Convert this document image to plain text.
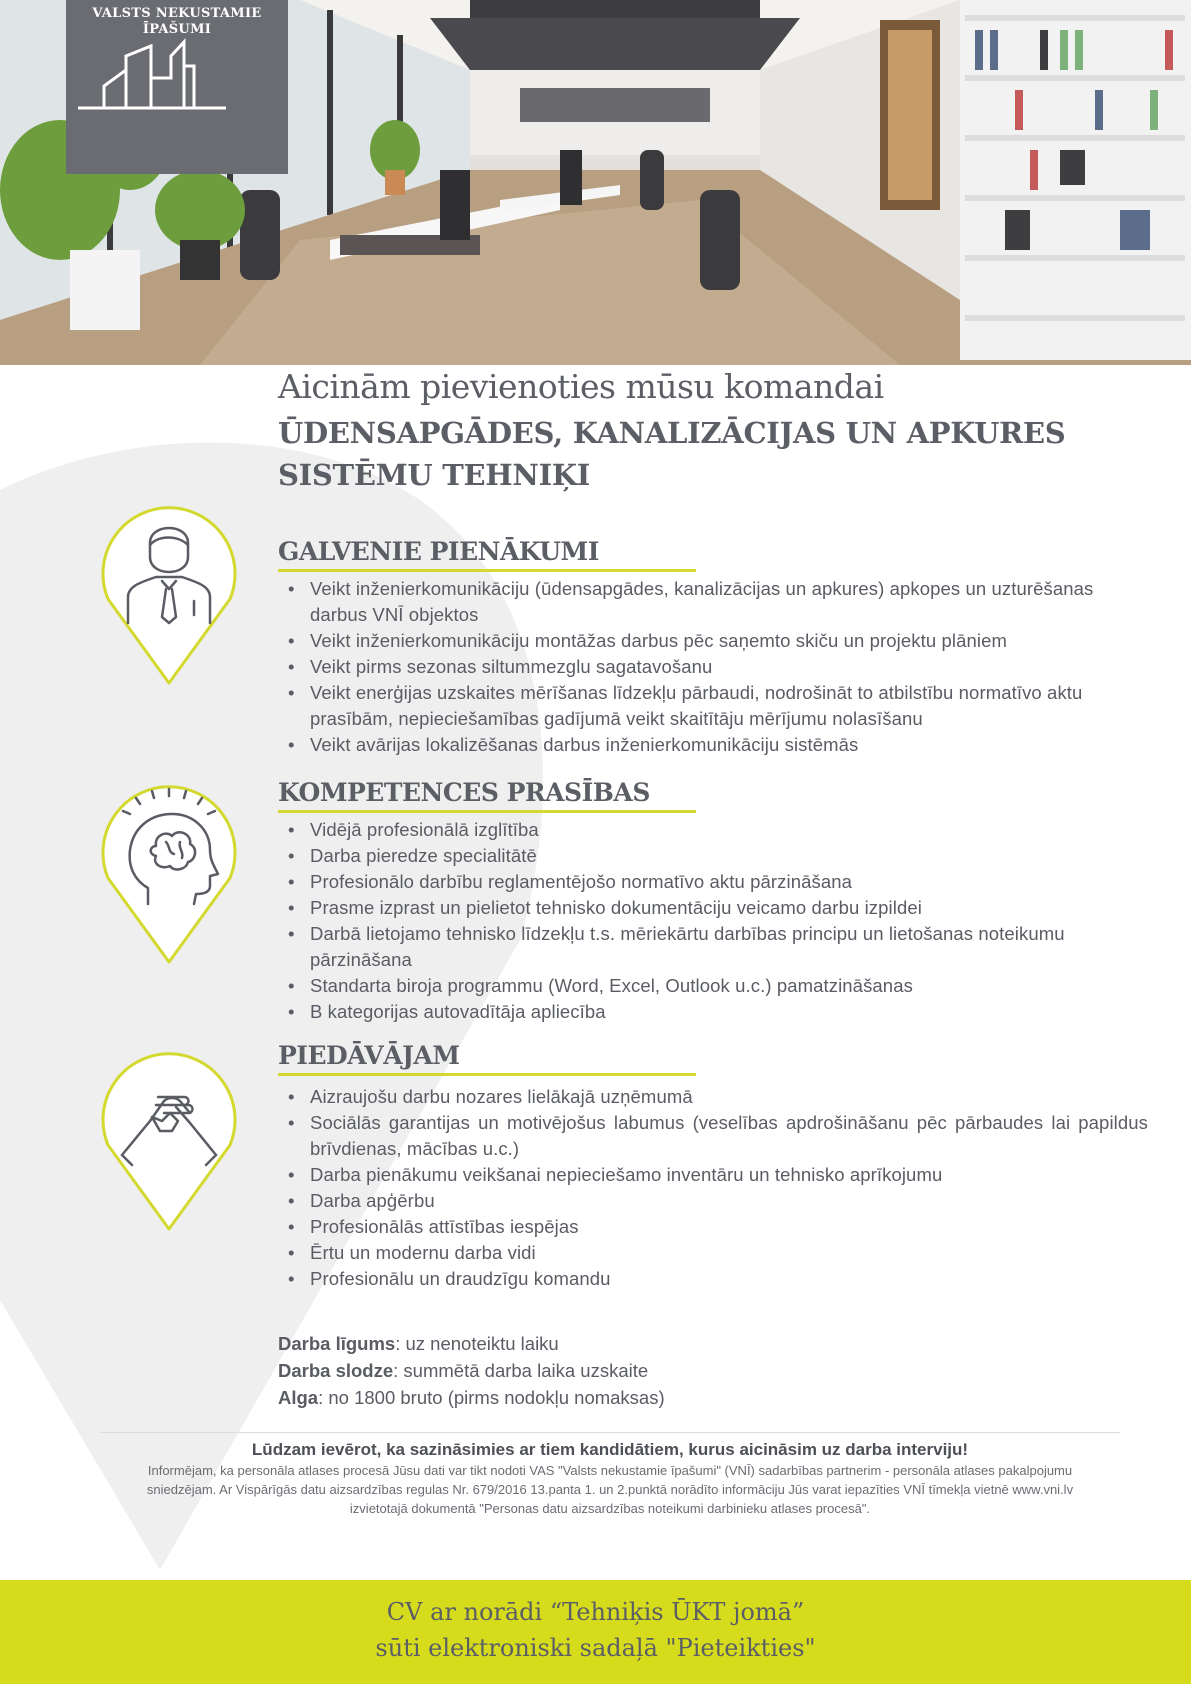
VALSTS NEKUSTAMIE
ĪPAŠUMI
Aicinām pievienoties mūsu komandai
ŪDENSAPGĀDES, KANALIZĀCIJAS UN APKURES
SISTĒMU TEHNIĶI
GALVENIE PIENĀKUMI
• Veikt inženierkomunikāciju (ūdensapgādes, kanalizācijas un apkures) apkopes un uzturēšanas darbus VNĪ objektos
• Veikt inženierkomunikāciju montāžas darbus pēc saņemto skiču un projektu plāniem
• Veikt pirms sezonas siltummezglu sagatavošanu
• Veikt enerģijas uzskaites mērīšanas līdzekļu pārbaudi, nodrošināt to atbilstību normatīvo aktu prasībām, nepieciešamības gadījumā veikt skaitītāju mērījumu nolasīšanu
• Veikt avārijas lokalizēšanas darbus inženierkomunikāciju sistēmās
KOMPETENCES PRASĪBAS
• Vidējā profesionālā izglītība
• Darba pieredze specialitātē
• Profesionālo darbību reglamentējošo normatīvo aktu pārzināšana
• Prasme izprast un pielietot tehnisko dokumentāciju veicamo darbu izpildei
• Darbā lietojamo tehnisko līdzekļu t.s. mēriekārtu darbības principu un lietošanas noteikumu pārzināšana
• Standarta biroja programmu (Word, Excel, Outlook u.c.) pamatzināšanas
• B kategorijas autovadītāja apliecība
PIEDĀVĀJAM
• Aizraujošu darbu nozares lielākajā uzņēmumā
• Sociālās garantijas un motivējošus labumus (veselības apdrošināšanu pēc pārbaudes lai papildus brīvdienas, mācības u.c.)
• Darba pienākumu veikšanai nepieciešamo inventāru un tehnisko aprīkojumu
• Darba apģērbu
• Profesionālās attīstības iespējas
• Ērtu un modernu darba vidi
• Profesionālu un draudzīgu komandu
Darba līgums: uz nenoteiktu laiku
Darba slodze: summētā darba laika uzskaite
Alga: no 1800 bruto (pirms nodokļu nomaksas)
Lūdzam ievērot, ka sazināsimies ar tiem kandidātiem, kurus aicināsim uz darba interviju!
Informējam, ka personāla atlases procesā Jūsu dati var tikt nodoti VAS "Valsts nekustamie īpašumi" (VNĪ) sadarbības partnerim - personāla atlases pakalpojumu sniedzējam. Ar Vispārīgās datu aizsardzības regulas Nr. 679/2016 13.panta 1. un 2.punktā norādīto informāciju Jūs varat iepazīties VNĪ tīmekļa vietnē www.vni.lv izvietotajā dokumentā "Personas datu aizsardzības noteikumi darbinieku atlases procesā".
CV ar norādi “Tehniķis ŪKT jomā”
sūti elektroniski sadaļā "Pieteikties"
